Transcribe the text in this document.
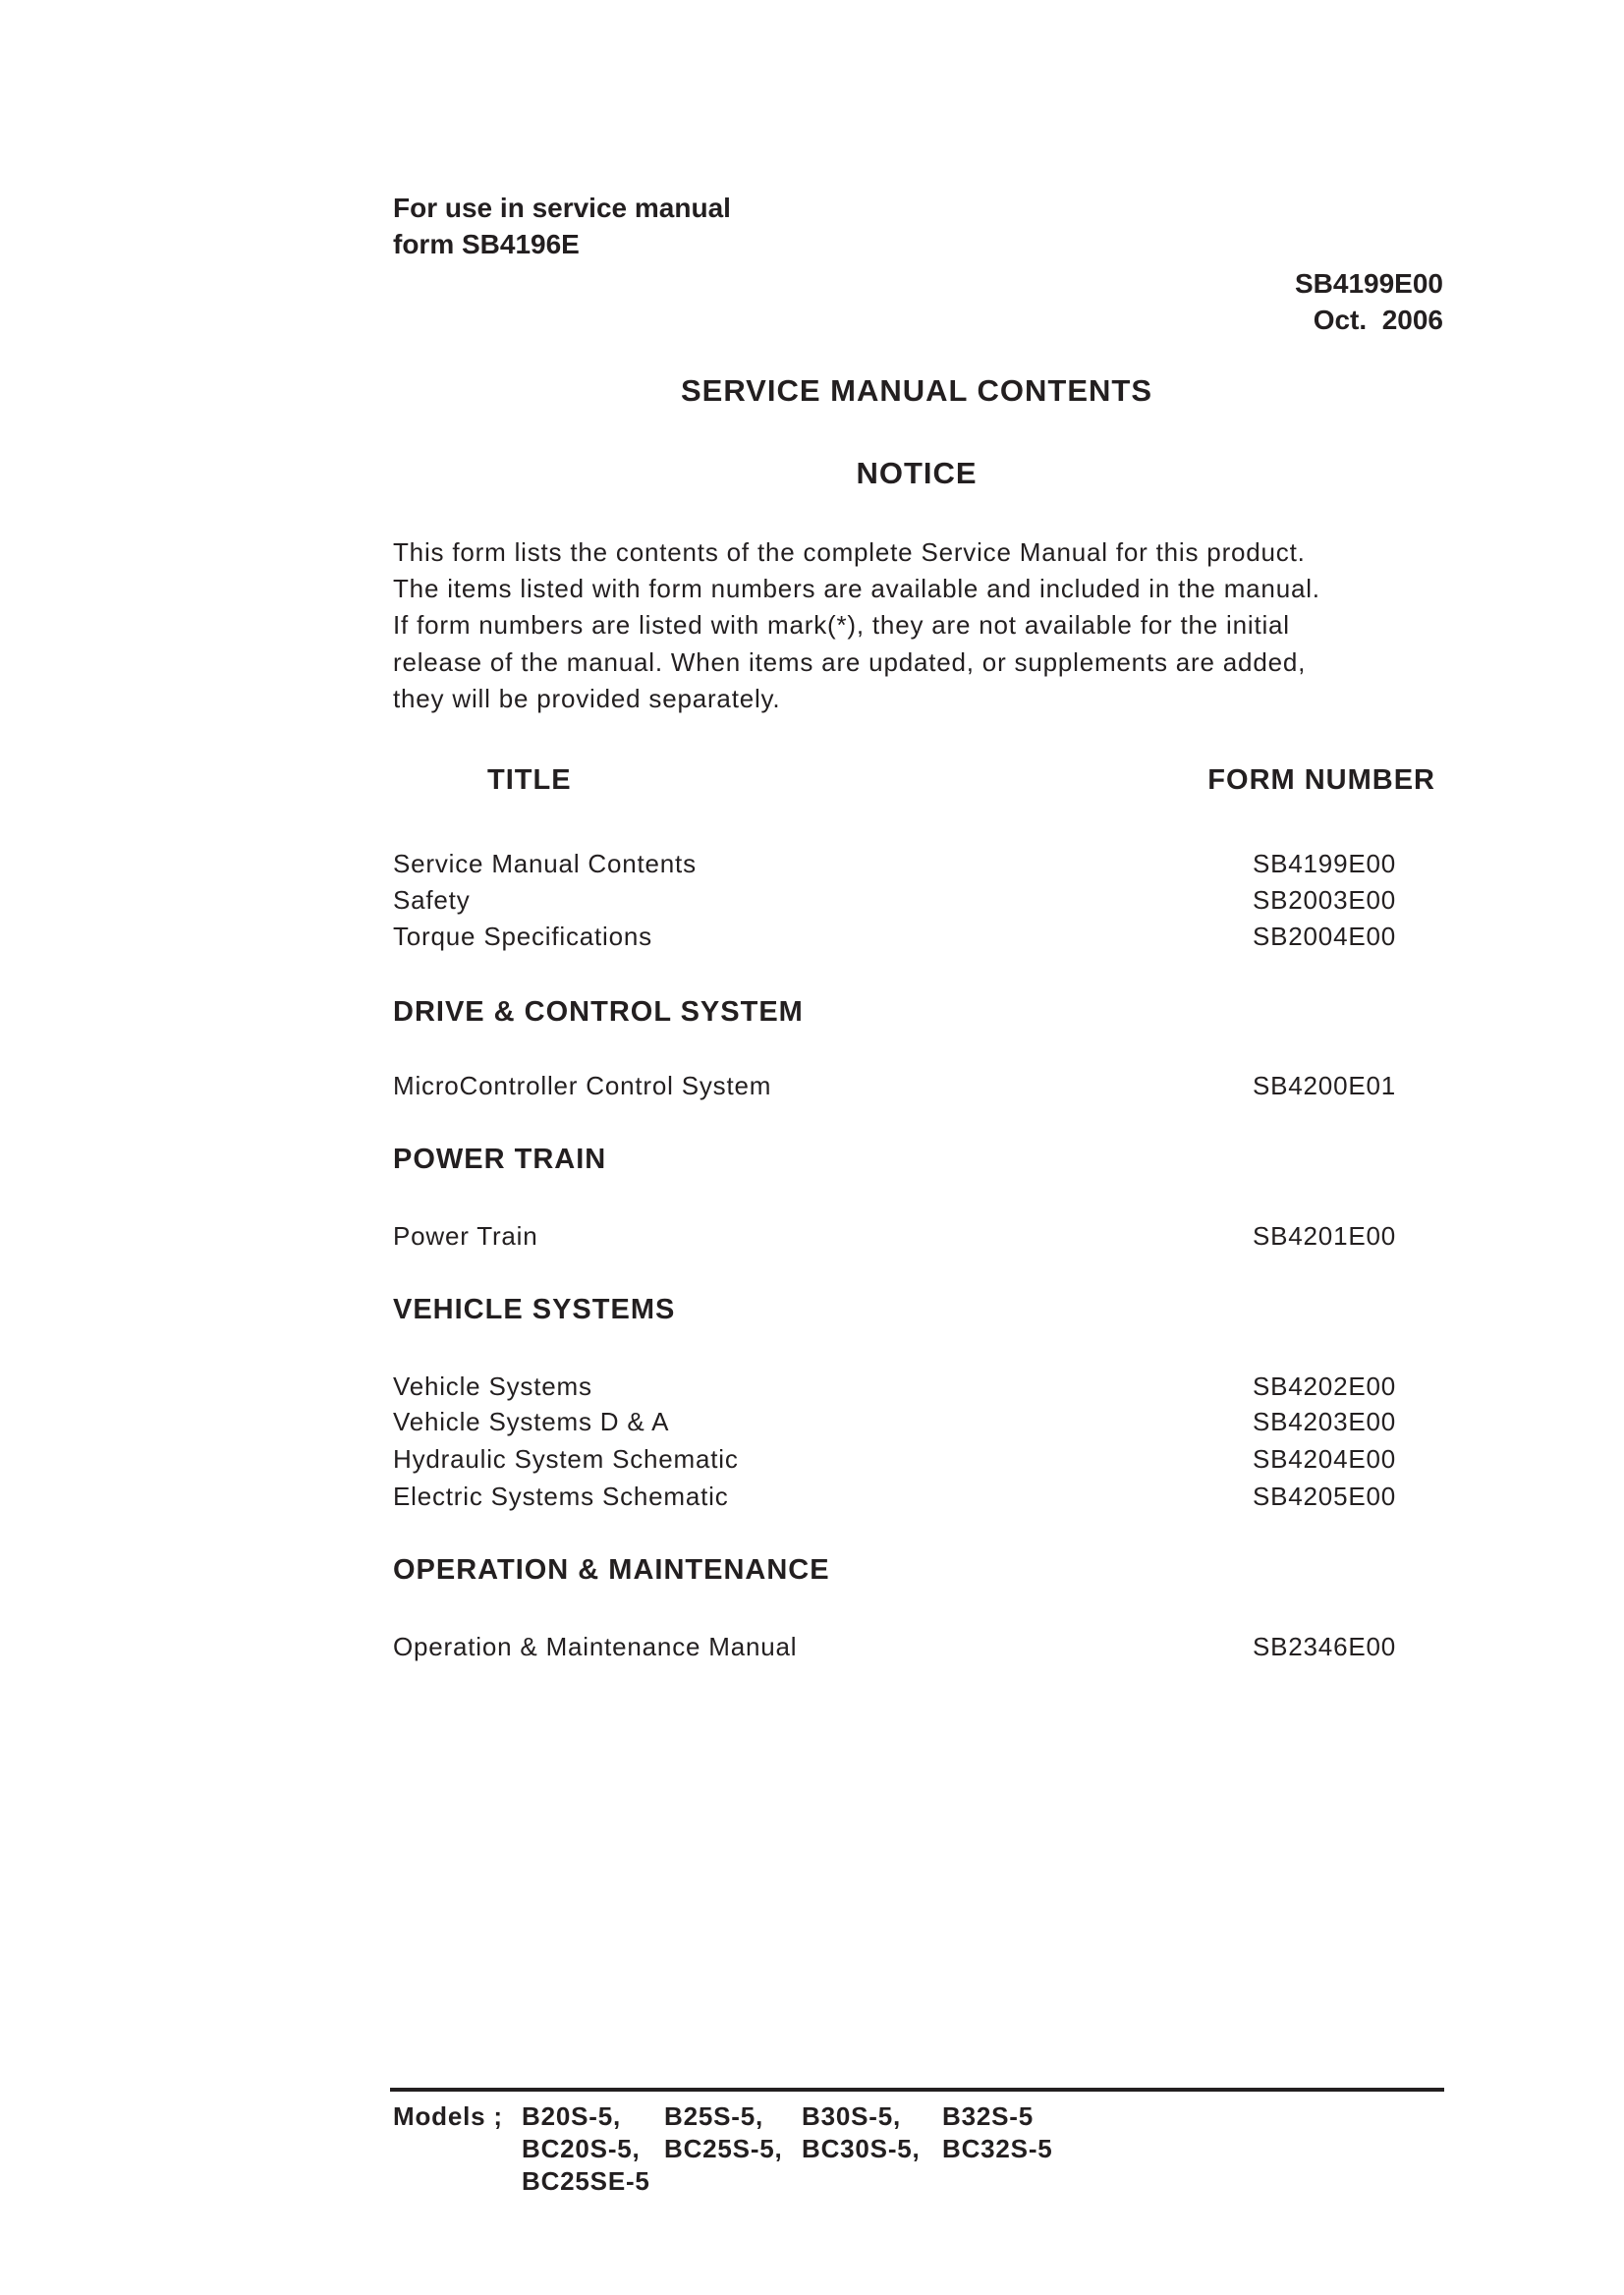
For use in service manual
form SB4196E
SB4199E00
Oct.  2006
SERVICE MANUAL CONTENTS
NOTICE
This form lists the contents of the complete Service Manual for this product.
The items listed with form numbers are available and included in the manual.
If form numbers are listed with mark(*), they are not available for the initial
release of the manual. When items are updated, or supplements are added,
they will be provided separately.
TITLE	FORM NUMBER
Service Manual Contents	SB4199E00
Safety	SB2003E00
Torque Specifications	SB2004E00
DRIVE & CONTROL SYSTEM
MicroController Control System	SB4200E01
POWER TRAIN
Power Train	SB4201E00
VEHICLE SYSTEMS
Vehicle Systems	SB4202E00
Vehicle Systems D & A	SB4203E00
Hydraulic System Schematic	SB4204E00
Electric Systems Schematic	SB4205E00
OPERATION & MAINTENANCE
Operation & Maintenance Manual	SB2346E00
Models ; B20S-5, B25S-5, B30S-5, B32S-5
BC20S-5, BC25S-5, BC30S-5, BC32S-5
BC25SE-5
